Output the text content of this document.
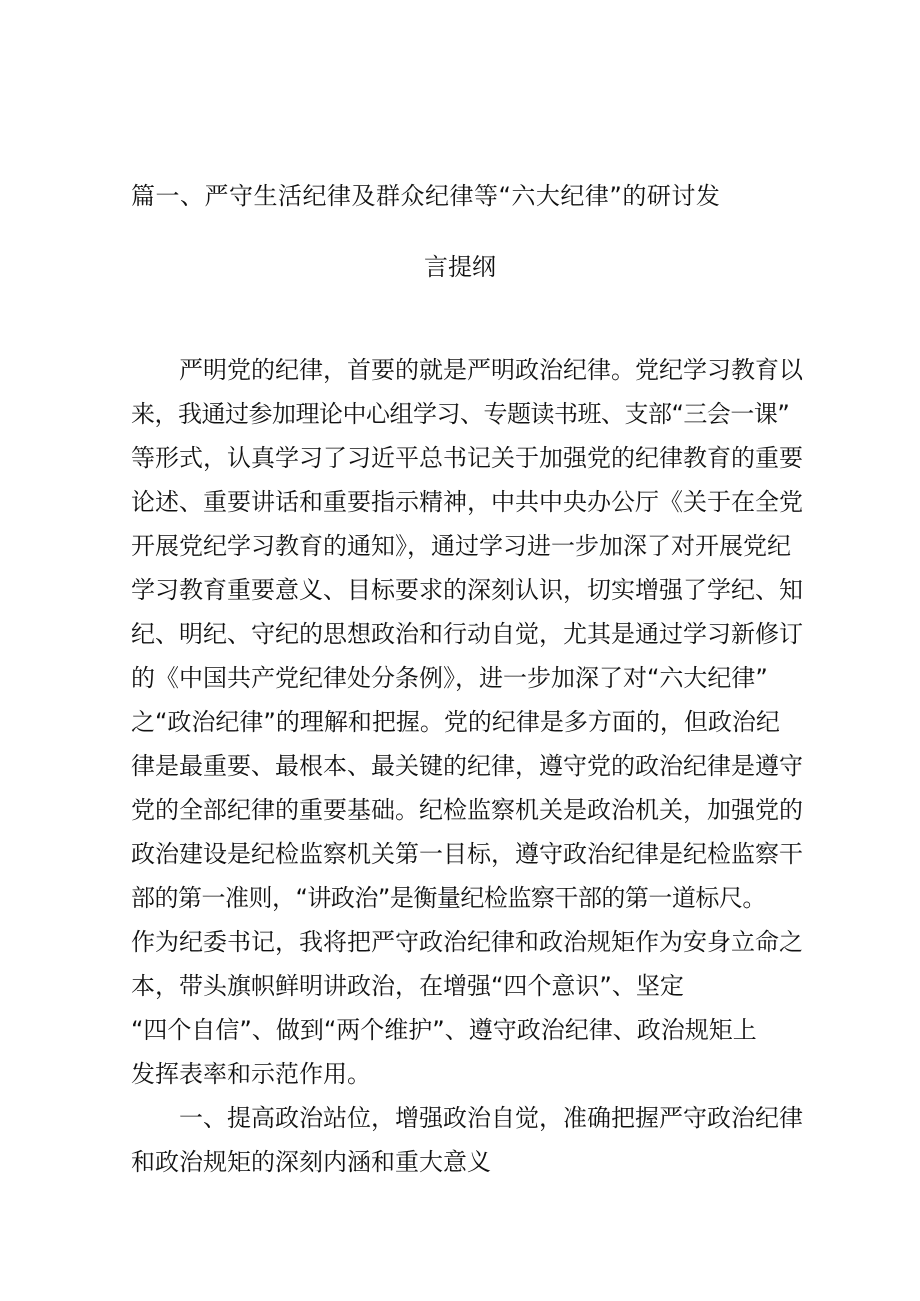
篇一、严守生活纪律及群众纪律等“六大纪律”的研讨发
言提纲
严明党的纪律，首要的就是严明政治纪律。党纪学习教育以
来，我通过参加理论中心组学习、专题读书班、支部“三会一课”
等形式，认真学习了习近平总书记关于加强党的纪律教育的重要
论述、重要讲话和重要指示精神，中共中央办公厅《关于在全党
开展党纪学习教育的通知》，通过学习进一步加深了对开展党纪
学习教育重要意义、目标要求的深刻认识，切实增强了学纪、知
纪、明纪、守纪的思想政治和行动自觉，尤其是通过学习新修订
的《中国共产党纪律处分条例》，进一步加深了对“六大纪律”
之“政治纪律”的理解和把握。党的纪律是多方面的，但政治纪
律是最重要、最根本、最关键的纪律，遵守党的政治纪律是遵守
党的全部纪律的重要基础。纪检监察机关是政治机关，加强党的
政治建设是纪检监察机关第一目标，遵守政治纪律是纪检监察干
部的第一准则，“讲政治”是衡量纪检监察干部的第一道标尺。
作为纪委书记，我将把严守政治纪律和政治规矩作为安身立命之
本，带头旗帜鲜明讲政治，在增强“四个意识”、坚定
“四个自信”、做到“两个维护”、遵守政治纪律、政治规矩上
发挥表率和示范作用。
一、提高政治站位，增强政治自觉，准确把握严守政治纪律
和政治规矩的深刻内涵和重大意义
